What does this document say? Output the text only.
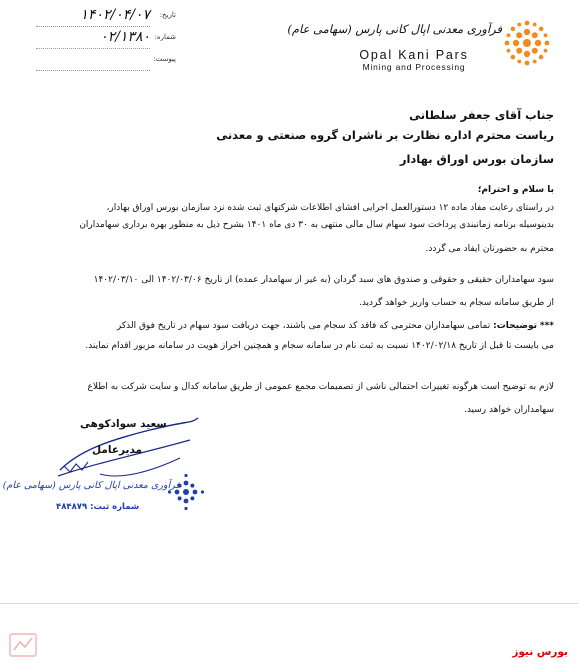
تاریخ:
۱۴۰۲/۰۴/۰۷
شماره:
۰۲/۱۳۸۰
پیوست:
فرآوری معدنی اپال کانی پارس (سهامی عام)
Opal Kani Pars
Mining and Processing
جناب آقای جعفر سلطانی
ریاست محترم اداره نظارت بر ناشران گروه صنعتی و معدنی
سازمان بورس اوراق بهادار
با سلام و احترام؛
در راستای رعایت مفاد ماده ۱۲ دستورالعمل اجرایی افشای اطلاعات شرکتهای ثبت شده نزد سازمان بورس اوراق بهادار،
بدینوسیله برنامه زمانبندی پرداخت سود سهام سال مالی منتهی به ۳۰ دی ماه ۱۴۰۱ بشرح ذیل به منظور بهره برداری سهامداران
محترم به حضورتان ایفاد می گردد.
سود سهامداران حقیقی و حقوقی و صندوق های سبد گردان (به غیر از سهامدار عمده) از تاریخ ۱۴۰۲/۰۳/۰۶ الی ۱۴۰۲/۰۳/۱۰
از طریق سامانه سجام به حساب واریز خواهد گردید.
*** توضیحات: تمامی سهامداران محترمی که فاقد کد سجام می باشند، جهت دریافت سود سهام در تاریخ فوق الذکر
می بایست تا قبل از تاریخ ۱۴۰۲/۰۲/۱۸ نسبت به ثبت نام در سامانه سجام و همچنین احراز هویت در سامانه مزبور اقدام نمایند.
لازم به توضیح است هرگونه تغییرات احتمالی ناشی از تصمیمات مجمع عمومی از طریق سامانه کدال و سایت شرکت به اطلاع
سهامداران خواهد رسید.
سعید سوادکوهی
مدیرعامل
فرآوری معدنی اپال کانی پارس (سهامی عام)
شماره ثبت: ۴۸۴۸۷۹
بورس نیوز
